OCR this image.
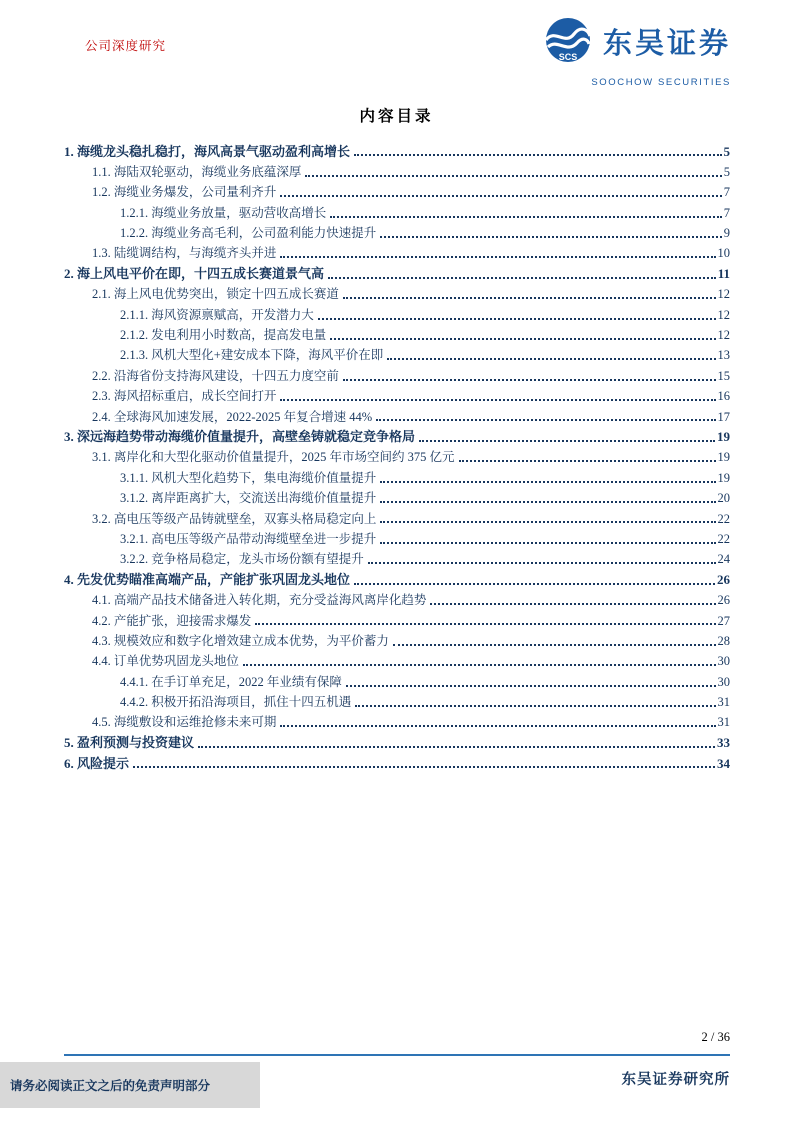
公司深度研究
SCS 东吴证券
SOOCHOW SECURITIES
内容目录
1. 海缆龙头稳扎稳打，海风高景气驱动盈利高增长	5
1.1. 海陆双轮驱动，海缆业务底蕴深厚	5
1.2. 海缆业务爆发，公司量利齐升	7
1.2.1. 海缆业务放量，驱动营收高增长	7
1.2.2. 海缆业务高毛利，公司盈利能力快速提升	9
1.3. 陆缆调结构，与海缆齐头并进	10
2. 海上风电平价在即，十四五成长赛道景气高	11
2.1. 海上风电优势突出，锁定十四五成长赛道	12
2.1.1. 海风资源禀赋高，开发潜力大	12
2.1.2. 发电利用小时数高，提高发电量	12
2.1.3. 风机大型化+建安成本下降，海风平价在即	13
2.2. 沿海省份支持海风建设，十四五力度空前	15
2.3. 海风招标重启，成长空间打开	16
2.4. 全球海风加速发展，2022-2025 年复合增速 44%	17
3. 深远海趋势带动海缆价值量提升，高壁垒铸就稳定竞争格局	19
3.1. 离岸化和大型化驱动价值量提升，2025 年市场空间约 375 亿元	19
3.1.1. 风机大型化趋势下，集电海缆价值量提升	19
3.1.2. 离岸距离扩大，交流送出海缆价值量提升	20
3.2. 高电压等级产品铸就壁垒，双寡头格局稳定向上	22
3.2.1. 高电压等级产品带动海缆壁垒进一步提升	22
3.2.2. 竞争格局稳定，龙头市场份额有望提升	24
4. 先发优势瞄准高端产品，产能扩张巩固龙头地位	26
4.1. 高端产品技术储备进入转化期，充分受益海风离岸化趋势	26
4.2. 产能扩张，迎接需求爆发	27
4.3. 规模效应和数字化增效建立成本优势，为平价蓄力	28
4.4. 订单优势巩固龙头地位	30
4.4.1. 在手订单充足，2022 年业绩有保障	30
4.4.2. 积极开拓沿海项目，抓住十四五机遇	31
4.5. 海缆敷设和运维抢修未来可期	31
5. 盈利预测与投资建议	33
6. 风险提示	34
2 / 36
请务必阅读正文之后的免责声明部分	东吴证券研究所
